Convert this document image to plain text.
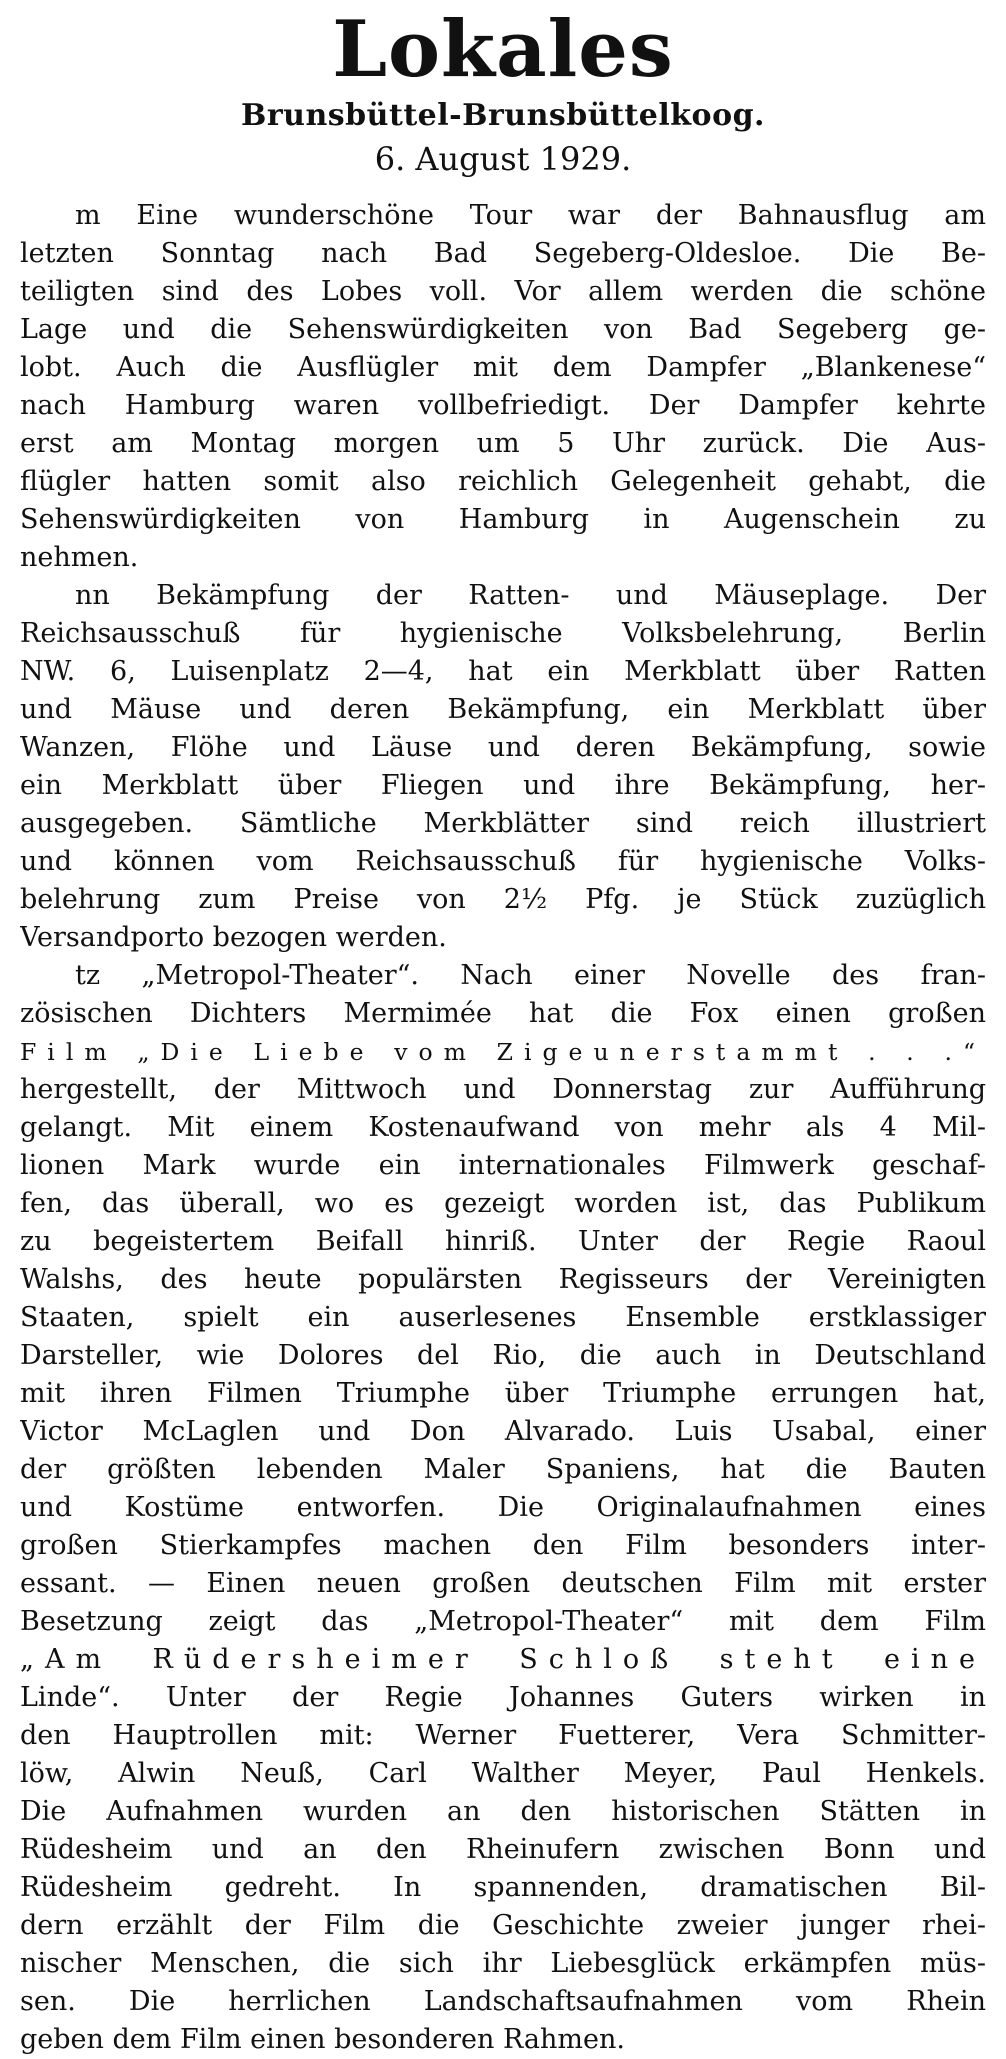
Lokales
Brunsbüttel-Brunsbüttelkoog.
6. August 1929.
m Eine wunderschöne Tour war der Bahnausflug am
letzten Sonntag nach Bad Segeberg-Oldesloe. Die Be-
teiligten sind des Lobes voll. Vor allem werden die schöne
Lage und die Sehenswürdigkeiten von Bad Segeberg ge-
lobt. Auch die Ausflügler mit dem Dampfer „Blankenese“
nach Hamburg waren vollbefriedigt. Der Dampfer kehrte
erst am Montag morgen um 5 Uhr zurück. Die Aus-
flügler hatten somit also reichlich Gelegenheit gehabt, die
Sehenswürdigkeiten von Hamburg in Augenschein zu
nehmen.
nn Bekämpfung der Ratten- und Mäuseplage. Der
Reichsausschuß für hygienische Volksbelehrung, Berlin
NW. 6, Luisenplatz 2—4, hat ein Merkblatt über Ratten
und Mäuse und deren Bekämpfung, ein Merkblatt über
Wanzen, Flöhe und Läuse und deren Bekämpfung, sowie
ein Merkblatt über Fliegen und ihre Bekämpfung, her-
ausgegeben. Sämtliche Merkblätter sind reich illustriert
und können vom Reichsausschuß für hygienische Volks-
belehrung zum Preise von 2½ Pfg. je Stück zuzüglich
Versandporto bezogen werden.
tz „Metropol-Theater“. Nach einer Novelle des fran-
zösischen Dichters Mermimée hat die Fox einen großen
Film „Die Liebe vom Zigeunerstammt . . .“
hergestellt, der Mittwoch und Donnerstag zur Aufführung
gelangt. Mit einem Kostenaufwand von mehr als 4 Mil-
lionen Mark wurde ein internationales Filmwerk geschaf-
fen, das überall, wo es gezeigt worden ist, das Publikum
zu begeistertem Beifall hinriß. Unter der Regie Raoul
Walshs, des heute populärsten Regisseurs der Vereinigten
Staaten, spielt ein auserlesenes Ensemble erstklassiger
Darsteller, wie Dolores del Rio, die auch in Deutschland
mit ihren Filmen Triumphe über Triumphe errungen hat,
Victor McLaglen und Don Alvarado. Luis Usabal, einer
der größten lebenden Maler Spaniens, hat die Bauten
und Kostüme entworfen. Die Originalaufnahmen eines
großen Stierkampfes machen den Film besonders inter-
essant. — Einen neuen großen deutschen Film mit erster
Besetzung zeigt das „Metropol-Theater“ mit dem Film
„Am Rüdersheimer Schloß steht eine
Linde“. Unter der Regie Johannes Guters wirken in
den Hauptrollen mit: Werner Fuetterer, Vera Schmitter-
löw, Alwin Neuß, Carl Walther Meyer, Paul Henkels.
Die Aufnahmen wurden an den historischen Stätten in
Rüdesheim und an den Rheinufern zwischen Bonn und
Rüdesheim gedreht. In spannenden, dramatischen Bil-
dern erzählt der Film die Geschichte zweier junger rhei-
nischer Menschen, die sich ihr Liebesglück erkämpfen müs-
sen. Die herrlichen Landschaftsaufnahmen vom Rhein
geben dem Film einen besonderen Rahmen.
